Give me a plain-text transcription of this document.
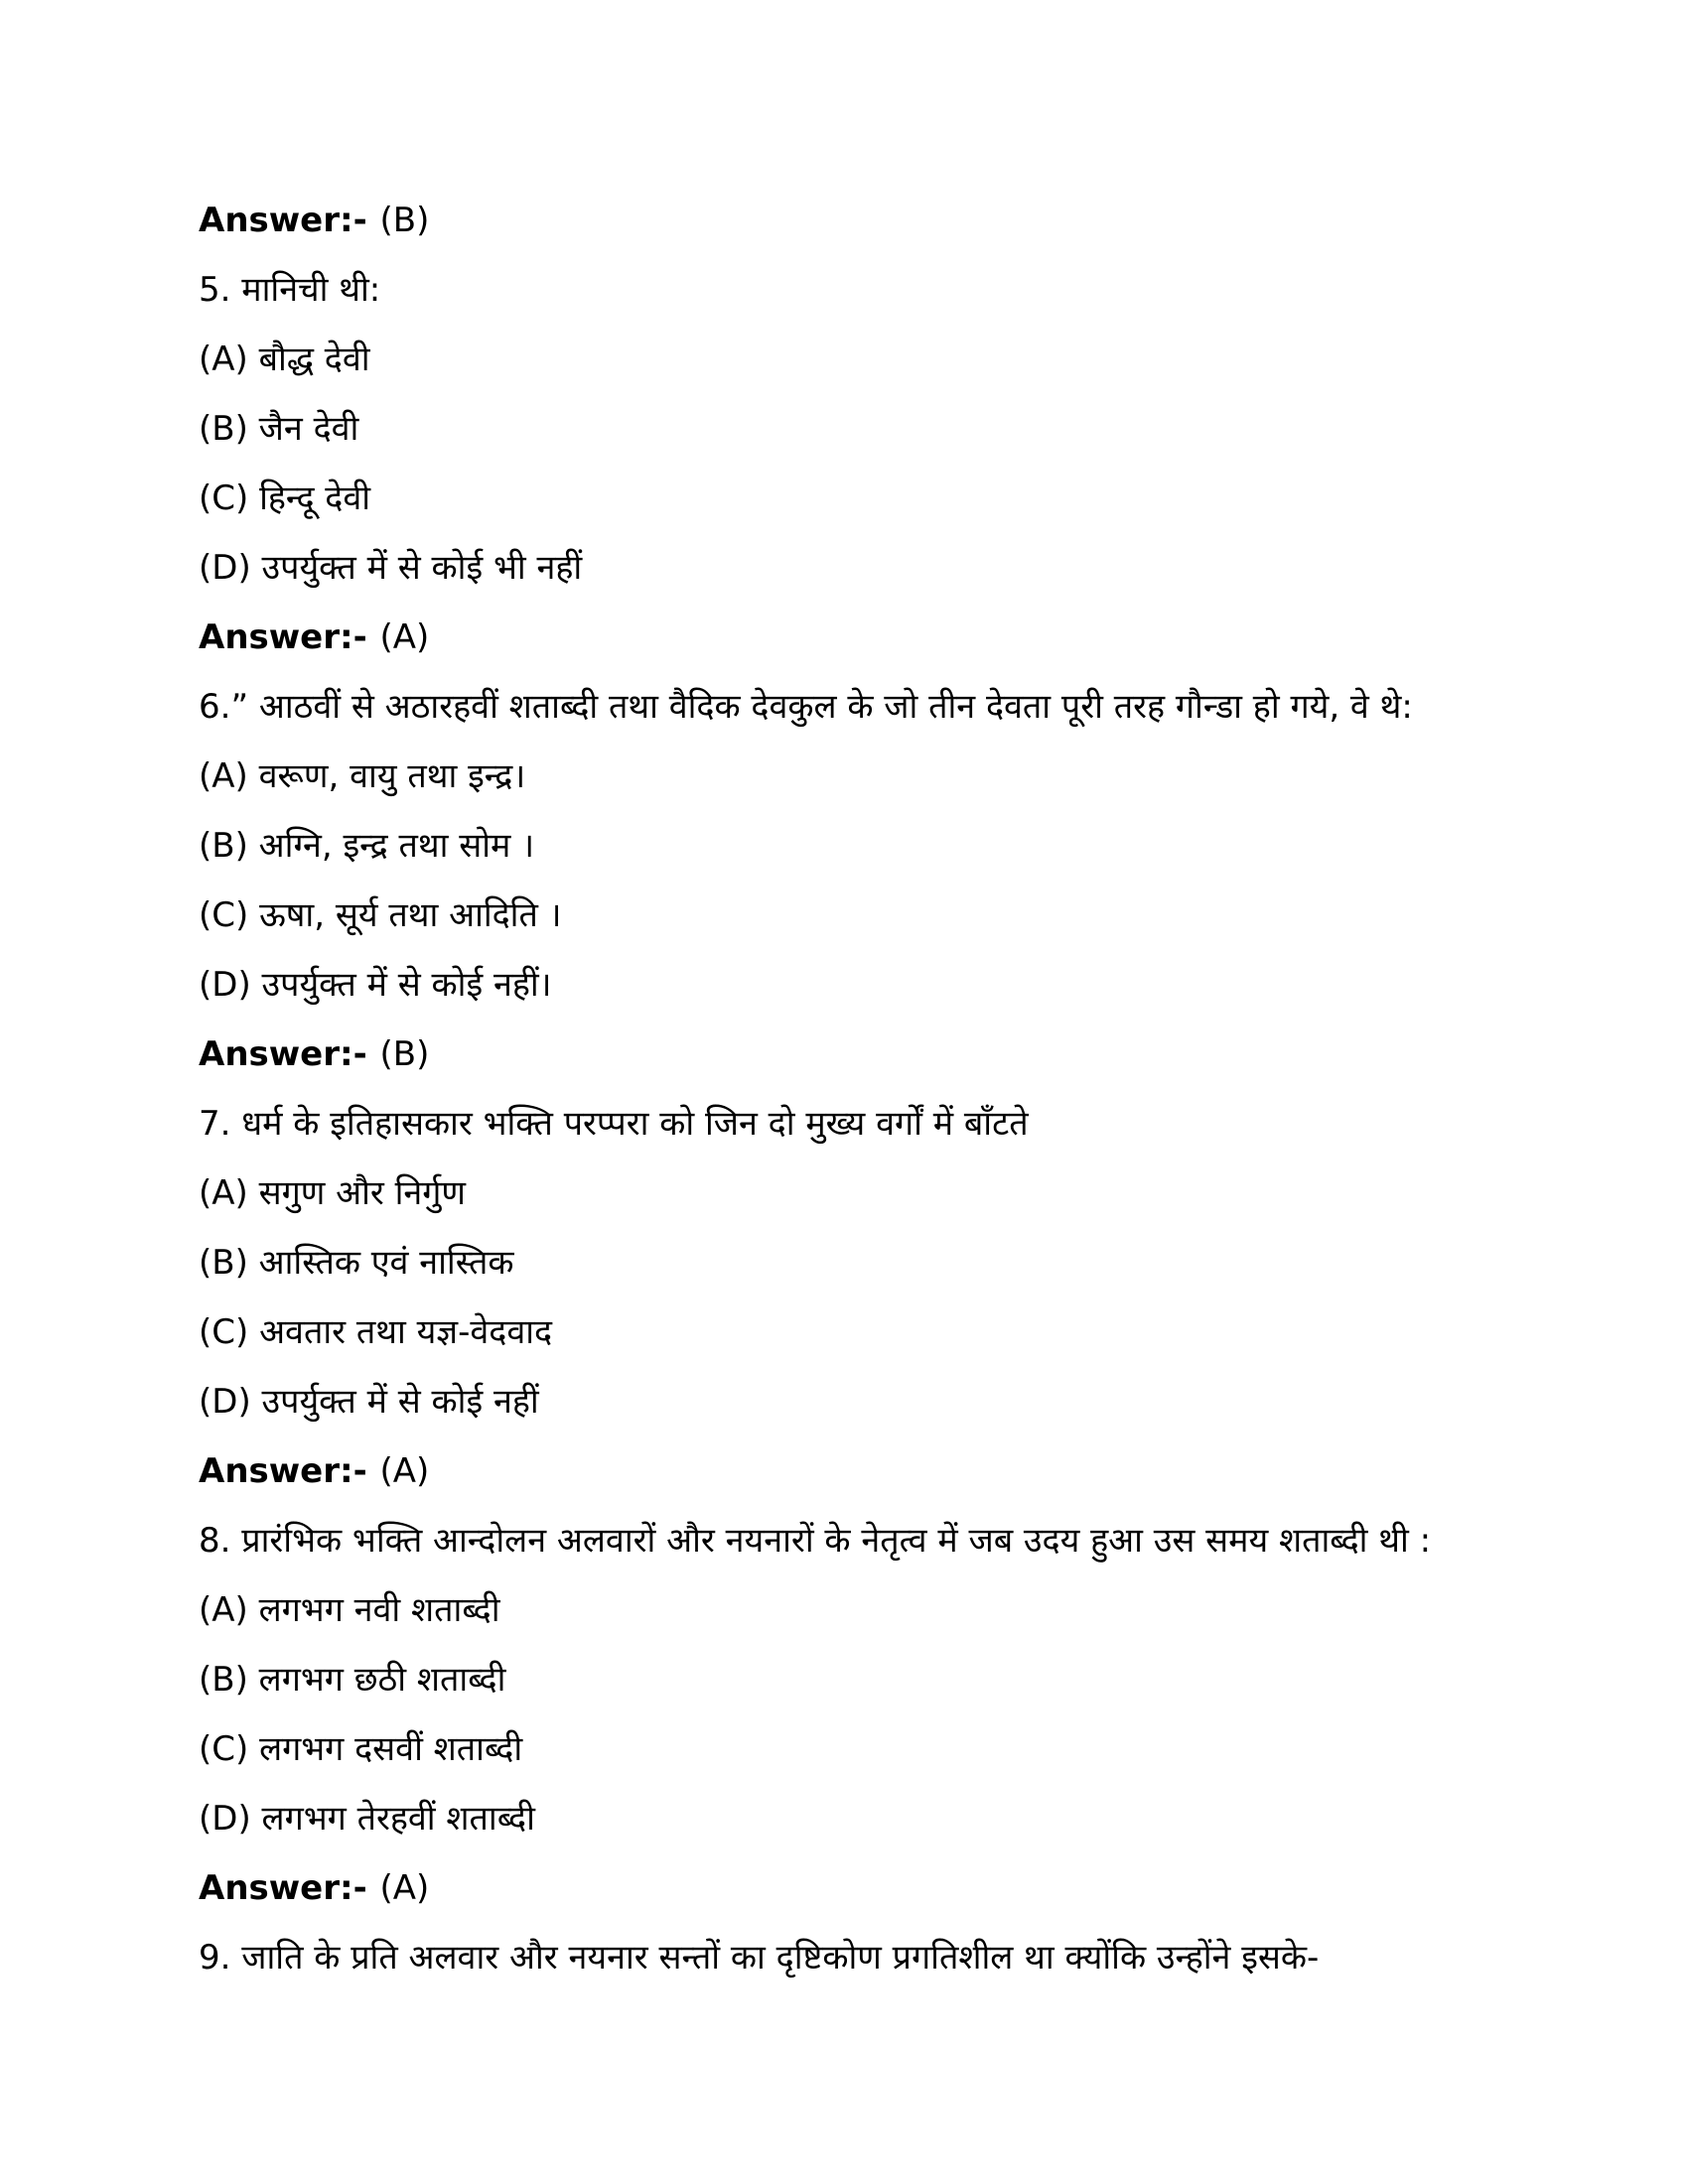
Answer:- (B)
5. मानिची थी:
(A) बौद्ध देवी
(B) जैन देवी
(C) हिन्दू देवी
(D) उपर्युक्त में से कोई भी नहीं
Answer:- (A)
6.” आठवीं से अठारहवीं शताब्दी तथा वैदिक देवकुल के जो तीन देवता पूरी तरह गौन्डा हो गये, वे थे:
(A) वरूण, वायु तथा इन्द्र।
(B) अग्नि, इन्द्र तथा सोम ।
(C) ऊषा, सूर्य तथा आदिति ।
(D) उपर्युक्त में से कोई नहीं।
Answer:- (B)
7. धर्म के इतिहासकार भक्ति परप्परा को जिन दो मुख्य वर्गों में बाँटते
(A) सगुण और निर्गुण
(B) आस्तिक एवं नास्तिक
(C) अवतार तथा यज्ञ-वेदवाद
(D) उपर्युक्त में से कोई नहीं
Answer:- (A)
8. प्रारंभिक भक्ति आन्दोलन अलवारों और नयनारों के नेतृत्व में जब उदय हुआ उस समय शताब्दी थी :
(A) लगभग नवी शताब्दी
(B) लगभग छठी शताब्दी
(C) लगभग दसवीं शताब्दी
(D) लगभग तेरहवीं शताब्दी
Answer:- (A)
9. जाति के प्रति अलवार और नयनार सन्तों का दृष्टिकोण प्रगतिशील था क्योंकि उन्होंने इसके-
